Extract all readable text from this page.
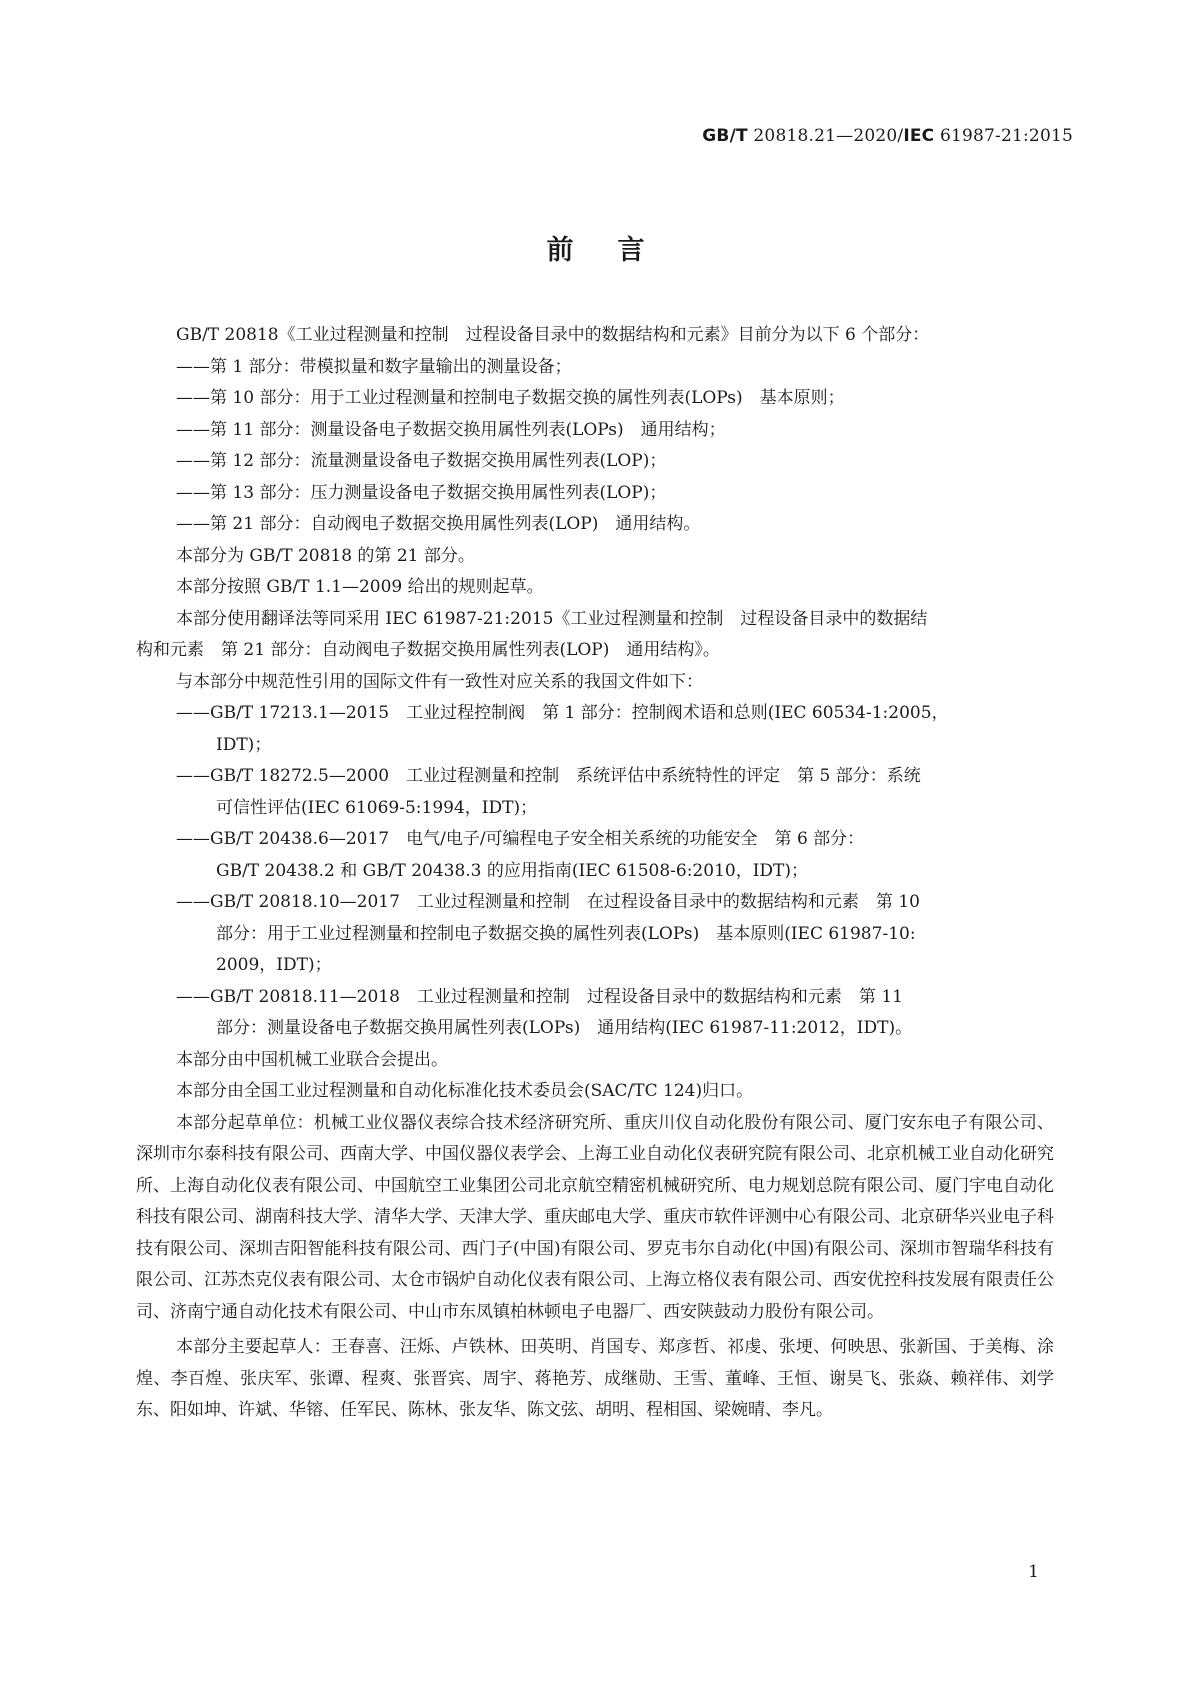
GB/T 20818.21—2020/IEC 61987-21:2015
前言
GB/T 20818《工业过程测量和控制　过程设备目录中的数据结构和元素》目前分为以下 6 个部分：
——第 1 部分：带模拟量和数字量输出的测量设备；
——第 10 部分：用于工业过程测量和控制电子数据交换的属性列表(LOPs)　基本原则；
——第 11 部分：测量设备电子数据交换用属性列表(LOPs)　通用结构；
——第 12 部分：流量测量设备电子数据交换用属性列表(LOP)；
——第 13 部分：压力测量设备电子数据交换用属性列表(LOP)；
——第 21 部分：自动阀电子数据交换用属性列表(LOP)　通用结构。
本部分为 GB/T 20818 的第 21 部分。
本部分按照 GB/T 1.1—2009 给出的规则起草。
本部分使用翻译法等同采用 IEC 61987-21:2015《工业过程测量和控制　过程设备目录中的数据结
构和元素　第 21 部分：自动阀电子数据交换用属性列表(LOP)　通用结构》。
与本部分中规范性引用的国际文件有一致性对应关系的我国文件如下：
——GB/T 17213.1—2015　工业过程控制阀　第 1 部分：控制阀术语和总则(IEC 60534-1:2005，
IDT)；
——GB/T 18272.5—2000　工业过程测量和控制　系统评估中系统特性的评定　第 5 部分：系统
可信性评估(IEC 61069-5:1994，IDT)；
——GB/T 20438.6—2017　电气/电子/可编程电子安全相关系统的功能安全　第 6 部分：
GB/T 20438.2 和 GB/T 20438.3 的应用指南(IEC 61508-6:2010，IDT)；
——GB/T 20818.10—2017　工业过程测量和控制　在过程设备目录中的数据结构和元素　第 10
部分：用于工业过程测量和控制电子数据交换的属性列表(LOPs)　基本原则(IEC 61987-10:
2009，IDT)；
——GB/T 20818.11—2018　工业过程测量和控制　过程设备目录中的数据结构和元素　第 11
部分：测量设备电子数据交换用属性列表(LOPs)　通用结构(IEC 61987-11:2012，IDT)。
本部分由中国机械工业联合会提出。
本部分由全国工业过程测量和自动化标准化技术委员会(SAC/TC 124)归口。
本部分起草单位：机械工业仪器仪表综合技术经济研究所、重庆川仪自动化股份有限公司、厦门安东电子有限公司、深圳市尔泰科技有限公司、西南大学、中国仪器仪表学会、上海工业自动化仪表研究院有限公司、北京机械工业自动化研究所、上海自动化仪表有限公司、中国航空工业集团公司北京航空精密机械研究所、电力规划总院有限公司、厦门宇电自动化科技有限公司、湖南科技大学、清华大学、天津大学、重庆邮电大学、重庆市软件评测中心有限公司、北京研华兴业电子科技有限公司、深圳吉阳智能科技有限公司、西门子(中国)有限公司、罗克韦尔自动化(中国)有限公司、深圳市智瑞华科技有限公司、江苏杰克仪表有限公司、太仓市锅炉自动化仪表有限公司、上海立格仪表有限公司、西安优控科技发展有限责任公司、济南宁通自动化技术有限公司、中山市东凤镇柏林顿电子电器厂、西安陕鼓动力股份有限公司。
本部分主要起草人：王春喜、汪烁、卢铁林、田英明、肖国专、郑彦哲、祁虔、张埂、何映思、张新国、于美梅、涂煌、李百煌、张庆军、张谭、程爽、张晋宾、周宇、蒋艳芳、成继勋、王雪、董峰、王恒、谢昊飞、张焱、赖祥伟、刘学东、阳如坤、许斌、华镕、任军民、陈林、张友华、陈文弦、胡明、程相国、梁婉晴、李凡。
1
